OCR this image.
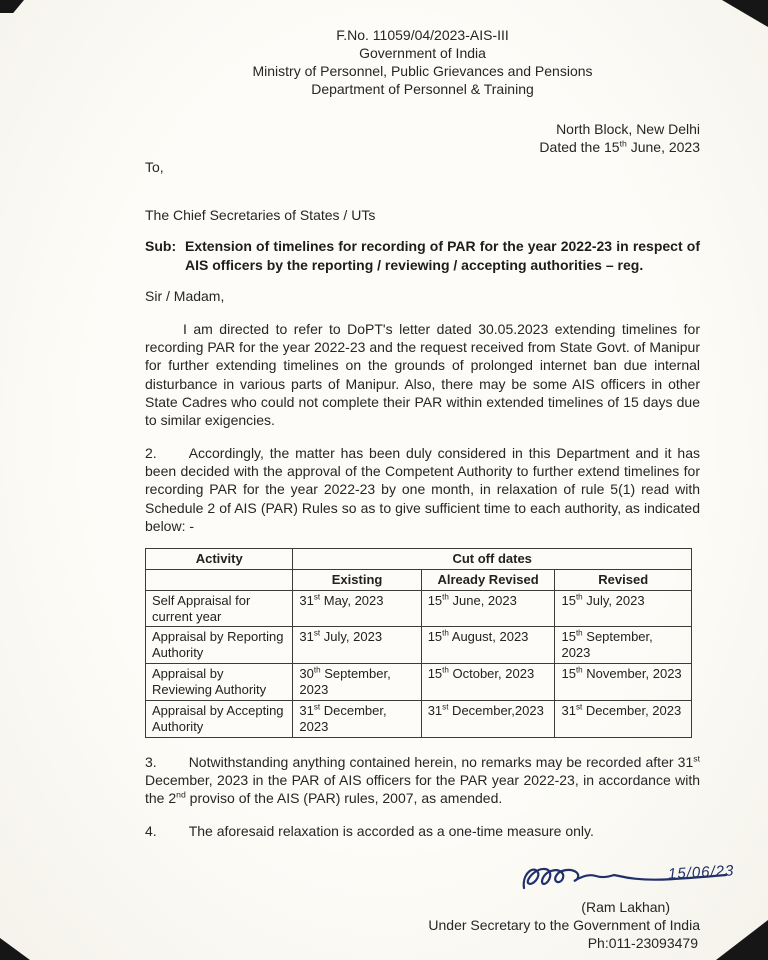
F.No. 11059/04/2023-AIS-III
Government of India
Ministry of Personnel, Public Grievances and Pensions
Department of Personnel & Training
North Block, New Delhi
Dated the 15th June, 2023
To,
The Chief Secretaries of States / UTs
Sub: Extension of timelines for recording of PAR for the year 2022-23 in respect of AIS officers by the reporting / reviewing / accepting authorities – reg.
Sir / Madam,

I am directed to refer to DoPT's letter dated 30.05.2023 extending timelines for recording PAR for the year 2022-23 and the request received from State Govt. of Manipur for further extending timelines on the grounds of prolonged internet ban due internal disturbance in various parts of Manipur. Also, there may be some AIS officers in other State Cadres who could not complete their PAR within extended timelines of 15 days due to similar exigencies.

2. Accordingly, the matter has been duly considered in this Department and it has been decided with the approval of the Competent Authority to further extend timelines for recording PAR for the year 2022-23 by one month, in relaxation of rule 5(1) read with Schedule 2 of AIS (PAR) Rules so as to give sufficient time to each authority, as indicated below: -

Activity	Cut off dates		
	Existing	Already Revised	Revised
Self Appraisal for current year	31st May, 2023	15th June, 2023	15th July, 2023
Appraisal by Reporting Authority	31st July, 2023	15th August, 2023	15th September, 2023
Appraisal by Reviewing Authority	30th September, 2023	15th October, 2023	15th November, 2023
Appraisal by Accepting Authority	31st December, 2023	31st December,2023	31st December, 2023

3. Notwithstanding anything contained herein, no remarks may be recorded after 31st December, 2023 in the PAR of AIS officers for the PAR year 2022-23, in accordance with the 2nd proviso of the AIS (PAR) rules, 2007, as amended.

4. The aforesaid relaxation is accorded as a one-time measure only.

15/06/23
(Ram Lakhan)
Under Secretary to the Government of India
Ph:011-23093479
